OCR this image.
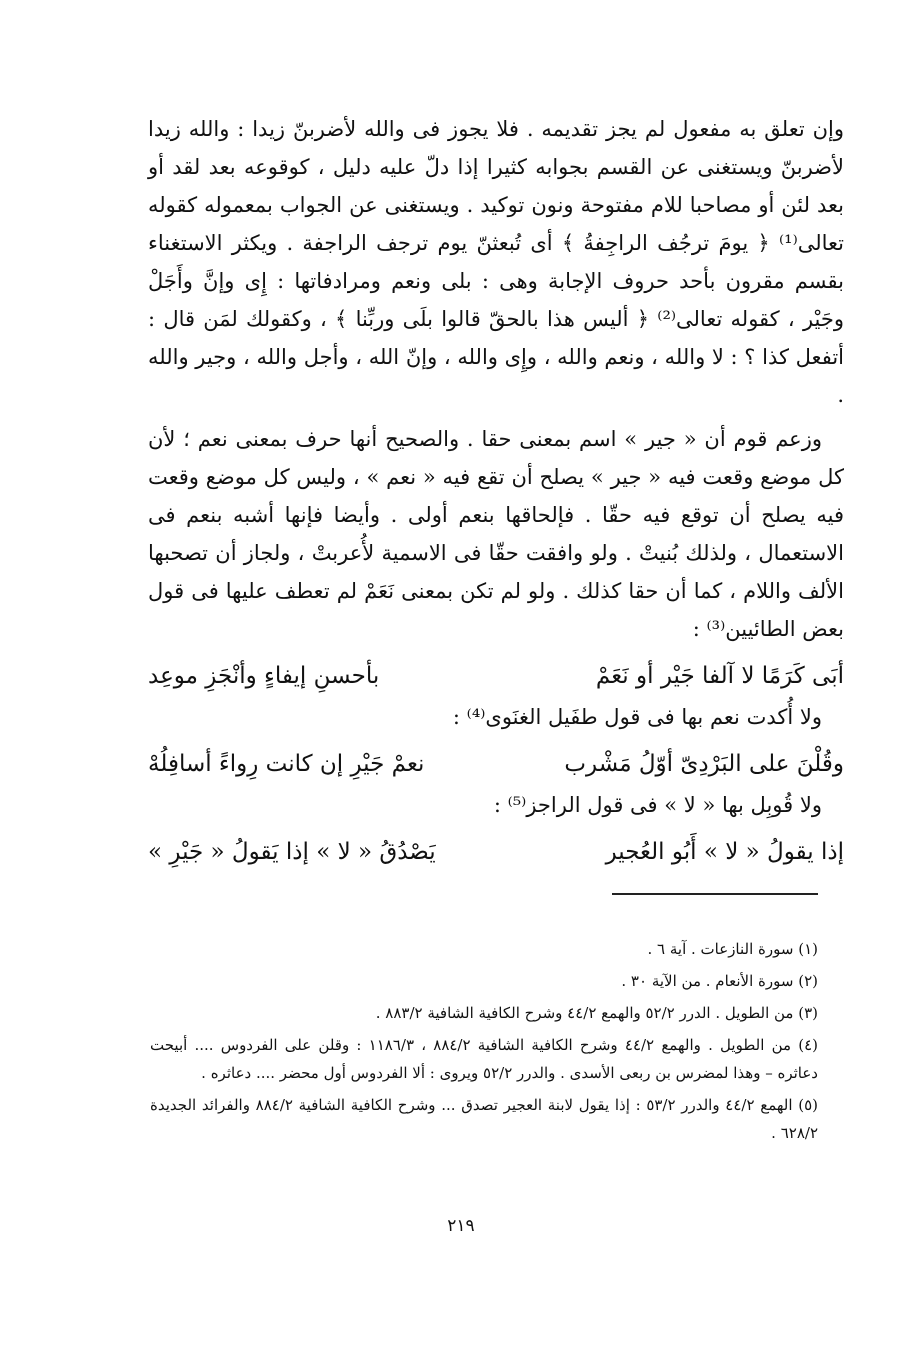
وإن تعلق به مفعول لم يجز تقديمه . فلا يجوز فى والله لأضربنّ زيدا : والله زيدا لأضربنّ ويستغنى عن القسم بجوابه كثيرا إذا دلّ عليه دليل ، كوقوعه بعد لقد أو بعد لئن أو مصاحبا للام مفتوحة ونون توكيد . ويستغنى عن الجواب بمعموله كقوله تعالى⁽¹⁾ ﴿ يومَ ترجُف الراجِفةُ ﴾ أى تُبعثنّ يوم ترجف الراجفة . ويكثر الاستغناء بقسم مقرون بأحد حروف الإجابة وهى : بلى ونعم ومرادفاتها : إِى وإنَّ وأَجَلْ وجَيْر ، كقوله تعالى⁽²⁾ ﴿ أليس هذا بالحقّ قالوا بلَى وربِّنا ﴾ ، وكقولك لمَن قال : أتفعل كذا ؟ : لا والله ، ونعم والله ، وإِى والله ، وإنّ الله ، وأجل والله ، وجير والله .

وزعم قوم أن « جير » اسم بمعنى حقا . والصحيح أنها حرف بمعنى نعم ؛ لأن كل موضع وقعت فيه « جير » يصلح أن تقع فيه « نعم » ، وليس كل موضع وقعت فيه يصلح أن توقع فيه حقّا . فإلحاقها بنعم أولى . وأيضا فإنها أشبه بنعم فى الاستعمال ، ولذلك بُنيتْ . ولو وافقت حقّا فى الاسمية لأُعربتْ ، ولجاز أن تصحبها الألف واللام ، كما أن حقا كذلك . ولو لم تكن بمعنى نَعَمْ لم تعطف عليها فى قول بعض الطائيين⁽³⁾ :

أبَى كَرَمًا لا آلفا جَيْر أو نَعَمْ
بأحسنِ إيفاءٍ وأنْجَزِ موعِد

ولا أُكدت نعم بها فى قول طفَيل الغنَوى⁽⁴⁾ :

وقُلْنَ على البَرْدِىّ أوّلُ مَشْرب
نعمْ جَيْرِ إن كانت رِواءً أسافِلُهْ

ولا قُوبِل بها « لا » فى قول الراجز⁽⁵⁾ :

إذا يقولُ « لا » أَبُو العُجير
يَصْدُقُ « لا » إذا يَقولُ « جَيْرِ »

(١) سورة النازعات . آية ٦ .

(٢) سورة الأنعام . من الآية ٣٠ .

(٣) من الطويل . الدرر ٥٢/٢ والهمع ٤٤/٢ وشرح الكافية الشافية ٨٨٣/٢ .

(٤) من الطويل . والهمع ٤٤/٢ وشرح الكافية الشافية ٨٨٤/٢ ، ١١٨٦/٣ : وقلن على الفردوس .... أبيحت دعاثره – وهذا لمضرس بن ربعى الأسدى . والدرر ٥٢/٢ ويروى : ألا الفردوس أول محضر .... دعاثره .

(٥) الهمع ٤٤/٢ والدرر ٥٣/٢ : إذا يقول لابنة العجير تصدق ... وشرح الكافية الشافية ٨٨٤/٢ والفرائد الجديدة ٦٢٨/٢ .

٢١٩
